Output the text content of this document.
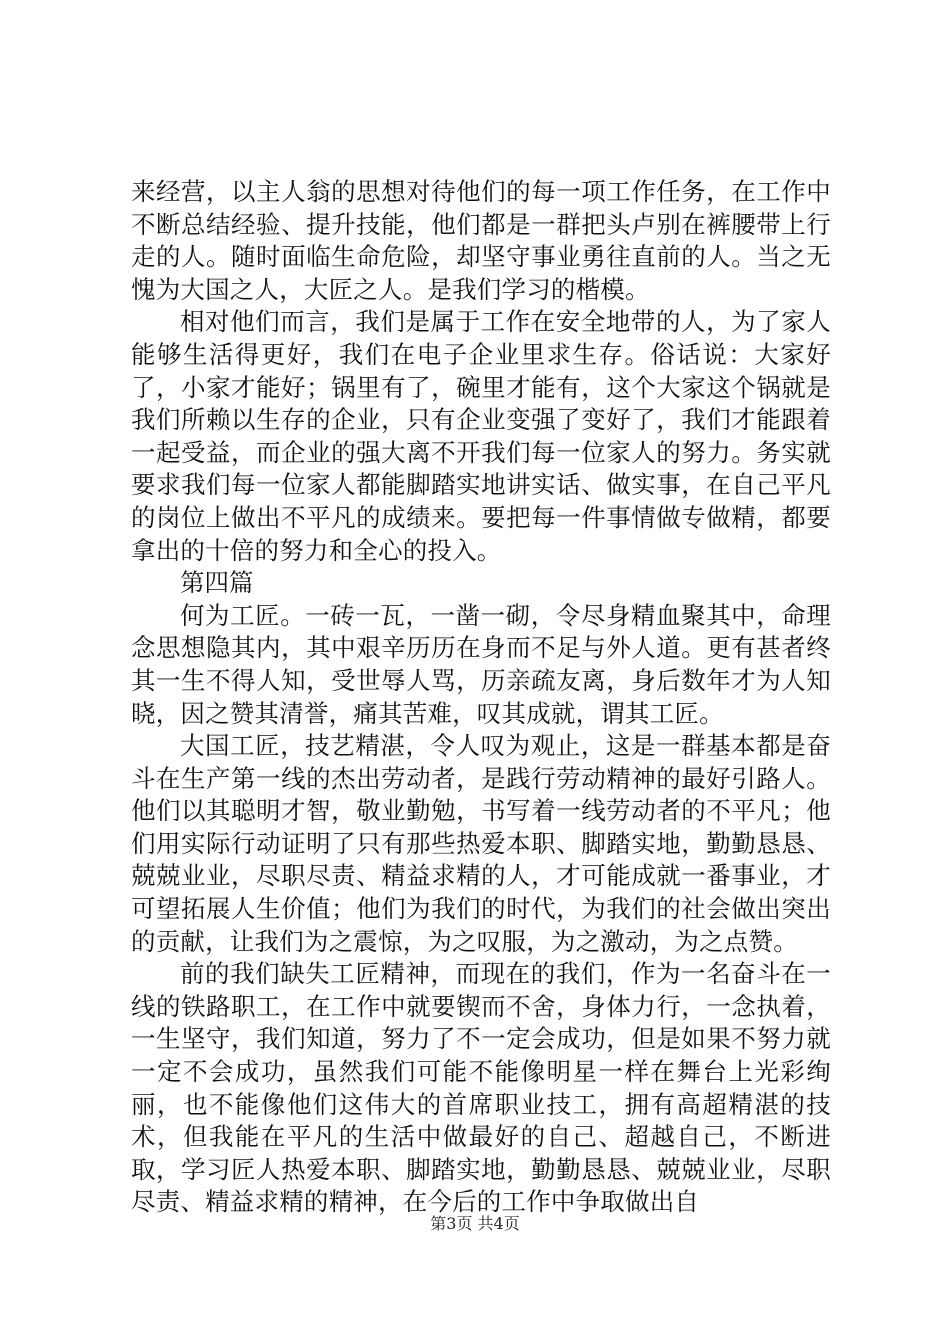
来经营，以主人翁的思想对待他们的每一项工作任务，在工作中不断总结经验、提升技能，他们都是一群把头卢别在裤腰带上行走的人。随时面临生命危险，却坚守事业勇往直前的人。当之无愧为大国之人，大匠之人。是我们学习的楷模。

相对他们而言，我们是属于工作在安全地带的人，为了家人能够生活得更好，我们在电子企业里求生存。俗话说：大家好了，小家才能好；锅里有了，碗里才能有，这个大家这个锅就是我们所赖以生存的企业，只有企业变强了变好了，我们才能跟着一起受益，而企业的强大离不开我们每一位家人的努力。务实就要求我们每一位家人都能脚踏实地讲实话、做实事，在自己平凡的岗位上做出不平凡的成绩来。要把每一件事情做专做精，都要拿出的十倍的努力和全心的投入。

第四篇

何为工匠。一砖一瓦，一凿一砌，令尽身精血聚其中，命理念思想隐其内，其中艰辛历历在身而不足与外人道。更有甚者终其一生不得人知，受世辱人骂，历亲疏友离，身后数年才为人知晓，因之赞其清誉，痛其苦难，叹其成就，谓其工匠。

大国工匠，技艺精湛，令人叹为观止，这是一群基本都是奋斗在生产第一线的杰出劳动者，是践行劳动精神的最好引路人。他们以其聪明才智，敬业勤勉，书写着一线劳动者的不平凡；他们用实际行动证明了只有那些热爱本职、脚踏实地，勤勤恳恳、兢兢业业，尽职尽责、精益求精的人，才可能成就一番事业，才可望拓展人生价值；他们为我们的时代，为我们的社会做出突出的贡献，让我们为之震惊，为之叹服，为之激动，为之点赞。

前的我们缺失工匠精神，而现在的我们，作为一名奋斗在一线的铁路职工，在工作中就要锲而不舍，身体力行，一念执着，一生坚守，我们知道，努力了不一定会成功，但是如果不努力就一定不会成功，虽然我们可能不能像明星一样在舞台上光彩绚丽，也不能像他们这伟大的首席职业技工，拥有高超精湛的技术，但我能在平凡的生活中做最好的自己、超越自己，不断进取，学习匠人热爱本职、脚踏实地，勤勤恳恳、兢兢业业，尽职尽责、精益求精的精神，在今后的工作中争取做出自

第3页 共4页
